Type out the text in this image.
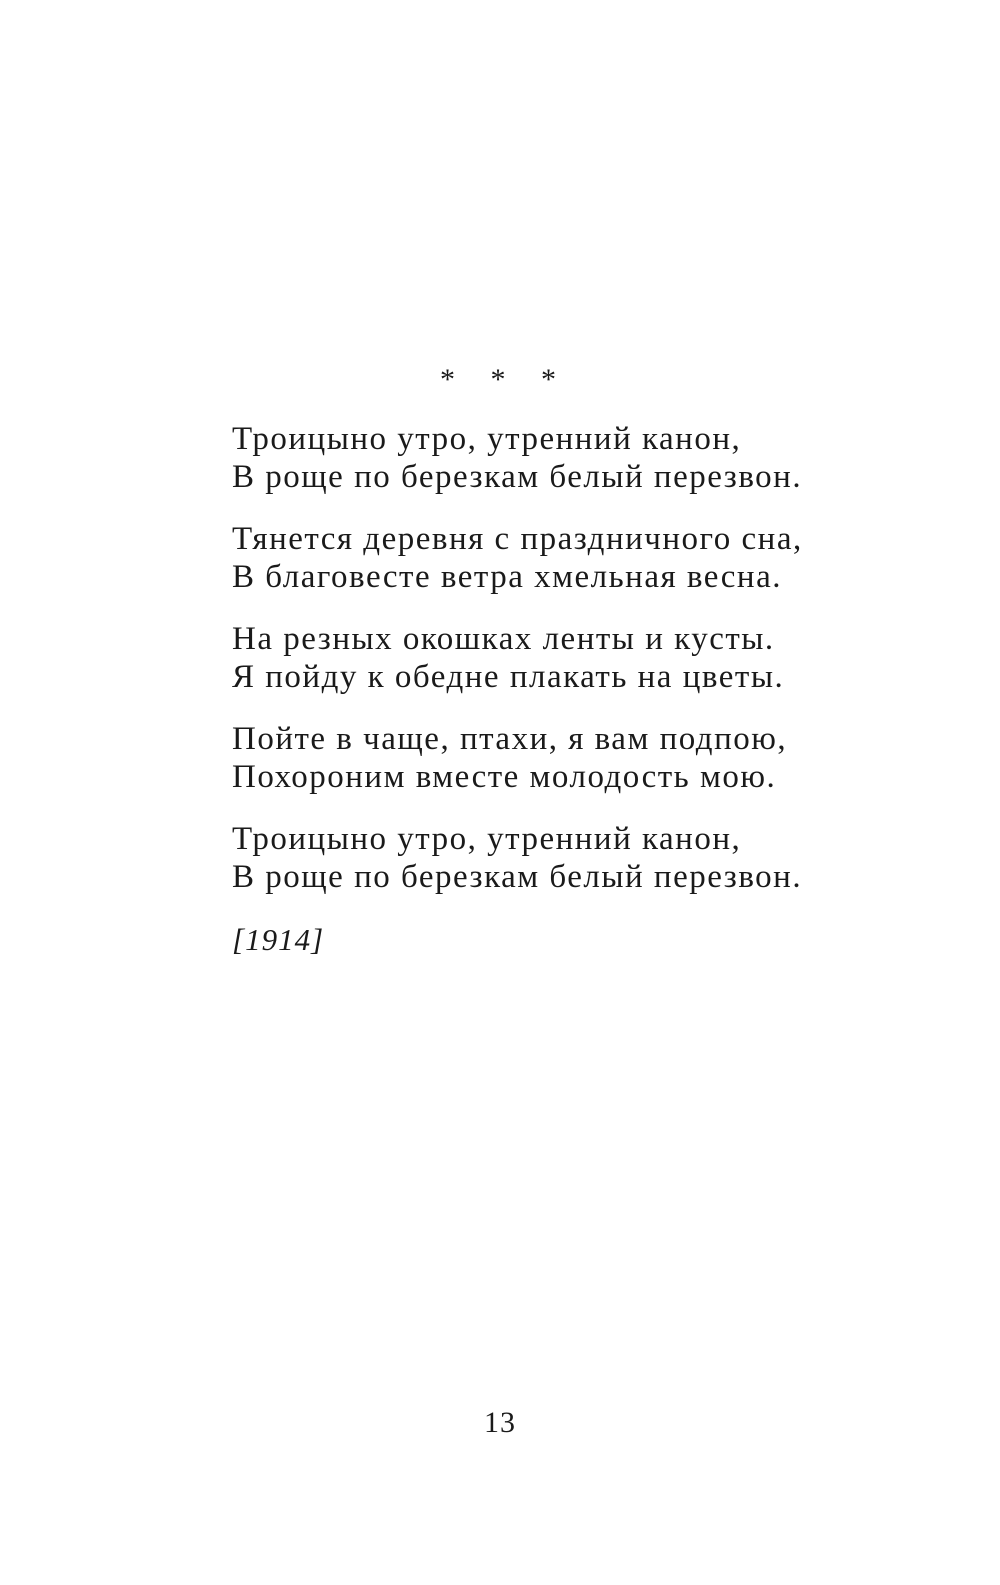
* * *
Троицыно утро, утренний канон,
В роще по березкам белый перезвон.
Тянется деревня с праздничного сна,
В благовесте ветра хмельная весна.
На резных окошках ленты и кусты.
Я пойду к обедне плакать на цветы.
Пойте в чаще, птахи, я вам подпою,
Похороним вместе молодость мою.
Троицыно утро, утренний канон,
В роще по березкам белый перезвон.
[1914]
13
